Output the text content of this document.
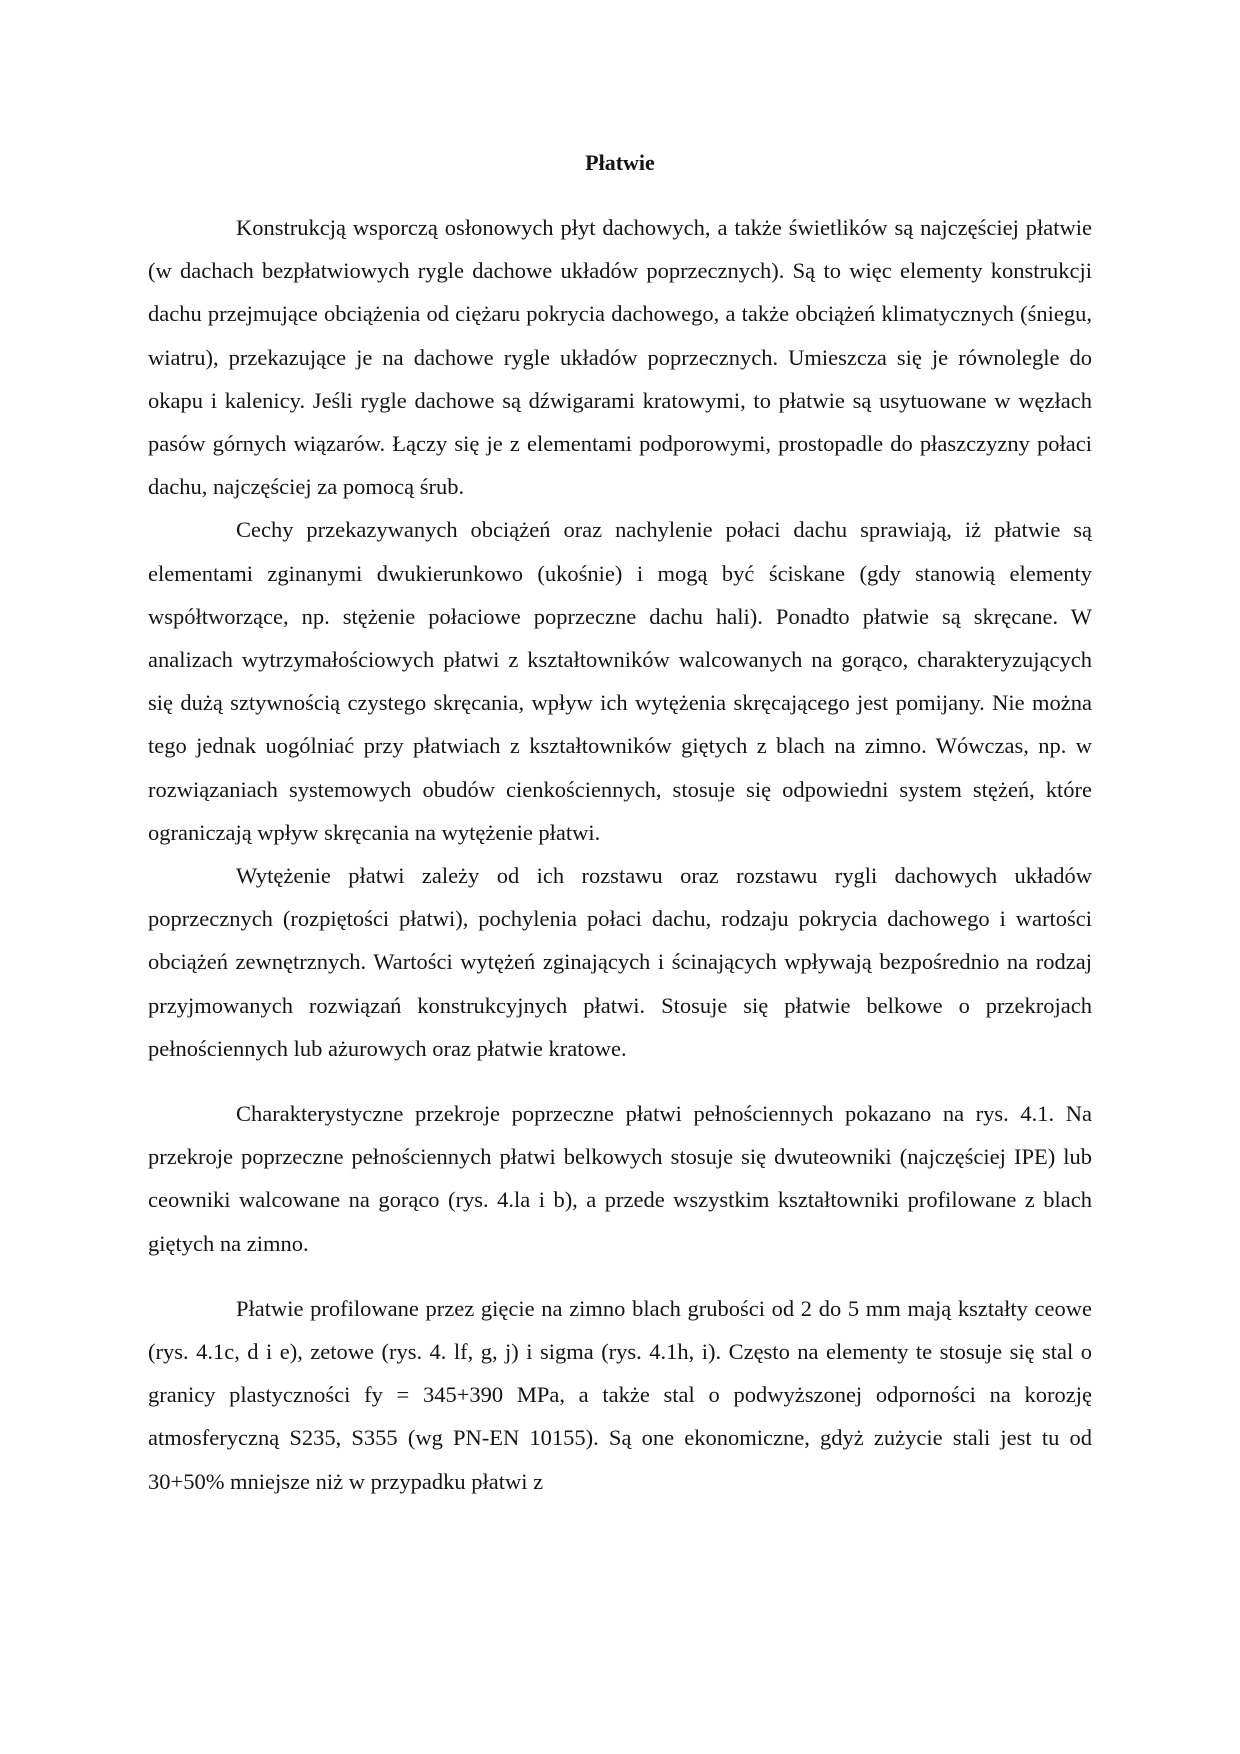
Płatwie

Konstrukcją wsporczą osłonowych płyt dachowych, a także świetlików są najczęściej płatwie (w dachach bezpłatwiowych rygle dachowe układów poprzecznych). Są to więc elementy konstrukcji dachu przejmujące obciążenia od ciężaru pokrycia dachowego, a także obciążeń klimatycznych (śniegu, wiatru), przekazujące je na dachowe rygle układów poprzecznych. Umieszcza się je równolegle do okapu i kalenicy. Jeśli rygle dachowe są dźwigarami kratowymi, to płatwie są usytuowane w węzłach pasów górnych wiązarów. Łączy się je z elementami podporowymi, prostopadle do płaszczyzny połaci dachu, najczęściej za pomocą śrub.

Cechy przekazywanych obciążeń oraz nachylenie połaci dachu sprawiają, iż płatwie są elementami zginanymi dwukierunkowo (ukośnie) i mogą być ściskane (gdy stanowią elementy współtworzące, np. stężenie połaciowe poprzeczne dachu hali). Ponadto płatwie są skręcane. W analizach wytrzymałościowych płatwi z kształtowników walcowanych na gorąco, charakteryzujących się dużą sztywnością czystego skręcania, wpływ ich wytężenia skręcającego jest pomijany. Nie można tego jednak uogólniać przy płatwiach z kształtowników giętych z blach na zimno. Wówczas, np. w rozwiązaniach systemowych obudów cienkościennych, stosuje się odpowiedni system stężeń, które ograniczają wpływ skręcania na wytężenie płatwi.

Wytężenie płatwi zależy od ich rozstawu oraz rozstawu rygli dachowych układów poprzecznych (rozpiętości płatwi), pochylenia połaci dachu, rodzaju pokrycia dachowego i wartości obciążeń zewnętrznych. Wartości wytężeń zginających i ścinających wpływają bezpośrednio na rodzaj przyjmowanych rozwiązań konstrukcyjnych płatwi. Stosuje się płatwie belkowe o przekrojach pełnościennych lub ażurowych oraz płatwie kratowe.

Charakterystyczne przekroje poprzeczne płatwi pełnościennych pokazano na rys. 4.1. Na przekroje poprzeczne pełnościennych płatwi belkowych stosuje się dwuteowniki (najczęściej IPE) lub ceowniki walcowane na gorąco (rys. 4.la i b), a przede wszystkim kształtowniki profilowane z blach giętych na zimno.

Płatwie profilowane przez gięcie na zimno blach grubości od 2 do 5 mm mają kształty ceowe (rys. 4.1c, d i e), zetowe (rys. 4. lf, g, j) i sigma (rys. 4.1h, i). Często na elementy te stosuje się stal o granicy plastyczności fy = 345+390 MPa, a także stal o podwyższonej odporności na korozję atmosferyczną S235, S355 (wg PN-EN 10155). Są one ekonomiczne, gdyż zużycie stali jest tu od 30+50% mniejsze niż w przypadku płatwi z
